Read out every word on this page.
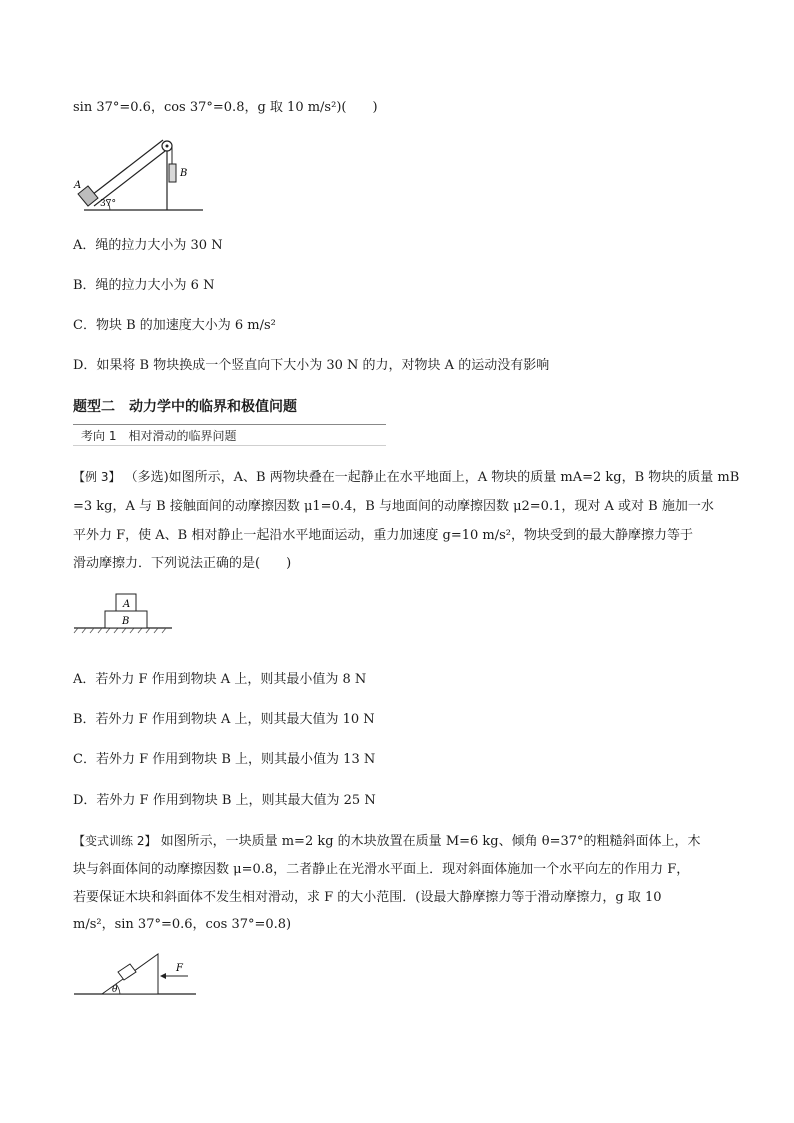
sin 37°=0.6，cos 37°=0.8，g 取 10 m/s²)(　　)
A
B
37°
A．绳的拉力大小为 30 N
B．绳的拉力大小为 6 N
C．物块 B 的加速度大小为 6 m/s²
D．如果将 B 物块换成一个竖直向下大小为 30 N 的力，对物块 A 的运动没有影响
题型二　动力学中的临界和极值问题
考向 1　相对滑动的临界问题
【例 3】 （多选)如图所示，A、B 两物块叠在一起静止在水平地面上，A 物块的质量 mA=2 kg，B 物块的质量 mB
=3 kg，A 与 B 接触面间的动摩擦因数 μ1=0.4，B 与地面间的动摩擦因数 μ2=0.1，现对 A 或对 B 施加一水
平外力 F，使 A、B 相对静止一起沿水平地面运动，重力加速度 g=10 m/s²，物块受到的最大静摩擦力等于
滑动摩擦力．下列说法正确的是(　　)
A
B
A．若外力 F 作用到物块 A 上，则其最小值为 8 N
B．若外力 F 作用到物块 A 上，则其最大值为 10 N
C．若外力 F 作用到物块 B 上，则其最小值为 13 N
D．若外力 F 作用到物块 B 上，则其最大值为 25 N
【变式训练 2】 如图所示，一块质量 m=2 kg 的木块放置在质量 M=6 kg、倾角 θ=37°的粗糙斜面体上，木
块与斜面体间的动摩擦因数 μ=0.8，二者静止在光滑水平面上．现对斜面体施加一个水平向左的作用力 F，
若要保证木块和斜面体不发生相对滑动，求 F 的大小范围．(设最大静摩擦力等于滑动摩擦力，g 取 10
m/s²，sin 37°=0.6，cos 37°=0.8)
F
θ
